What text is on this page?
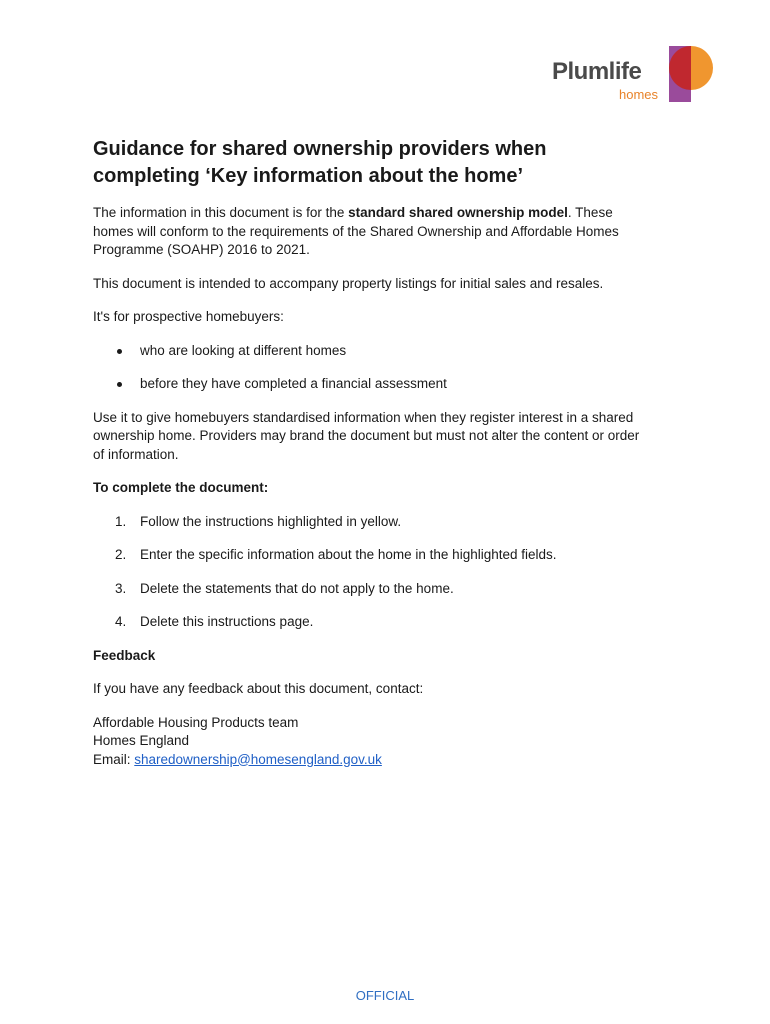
Plumlife
homes
Guidance for shared ownership providers when completing ‘Key information about the home’

The information in this document is for the standard shared ownership model. These homes will conform to the requirements of the Shared Ownership and Affordable Homes Programme (SOAHP) 2016 to 2021.

This document is intended to accompany property listings for initial sales and resales.

It's for prospective homebuyers:

who are looking at different homes
before they have completed a financial assessment

Use it to give homebuyers standardised information when they register interest in a shared ownership home. Providers may brand the document but must not alter the content or order of information.

To complete the document:

1. Follow the instructions highlighted in yellow.
2. Enter the specific information about the home in the highlighted fields.
3. Delete the statements that do not apply to the home.
4. Delete this instructions page.

Feedback

If you have any feedback about this document, contact:

Affordable Housing Products team

Homes England

Email: sharedownership@homesengland.gov.uk

OFFICIAL
